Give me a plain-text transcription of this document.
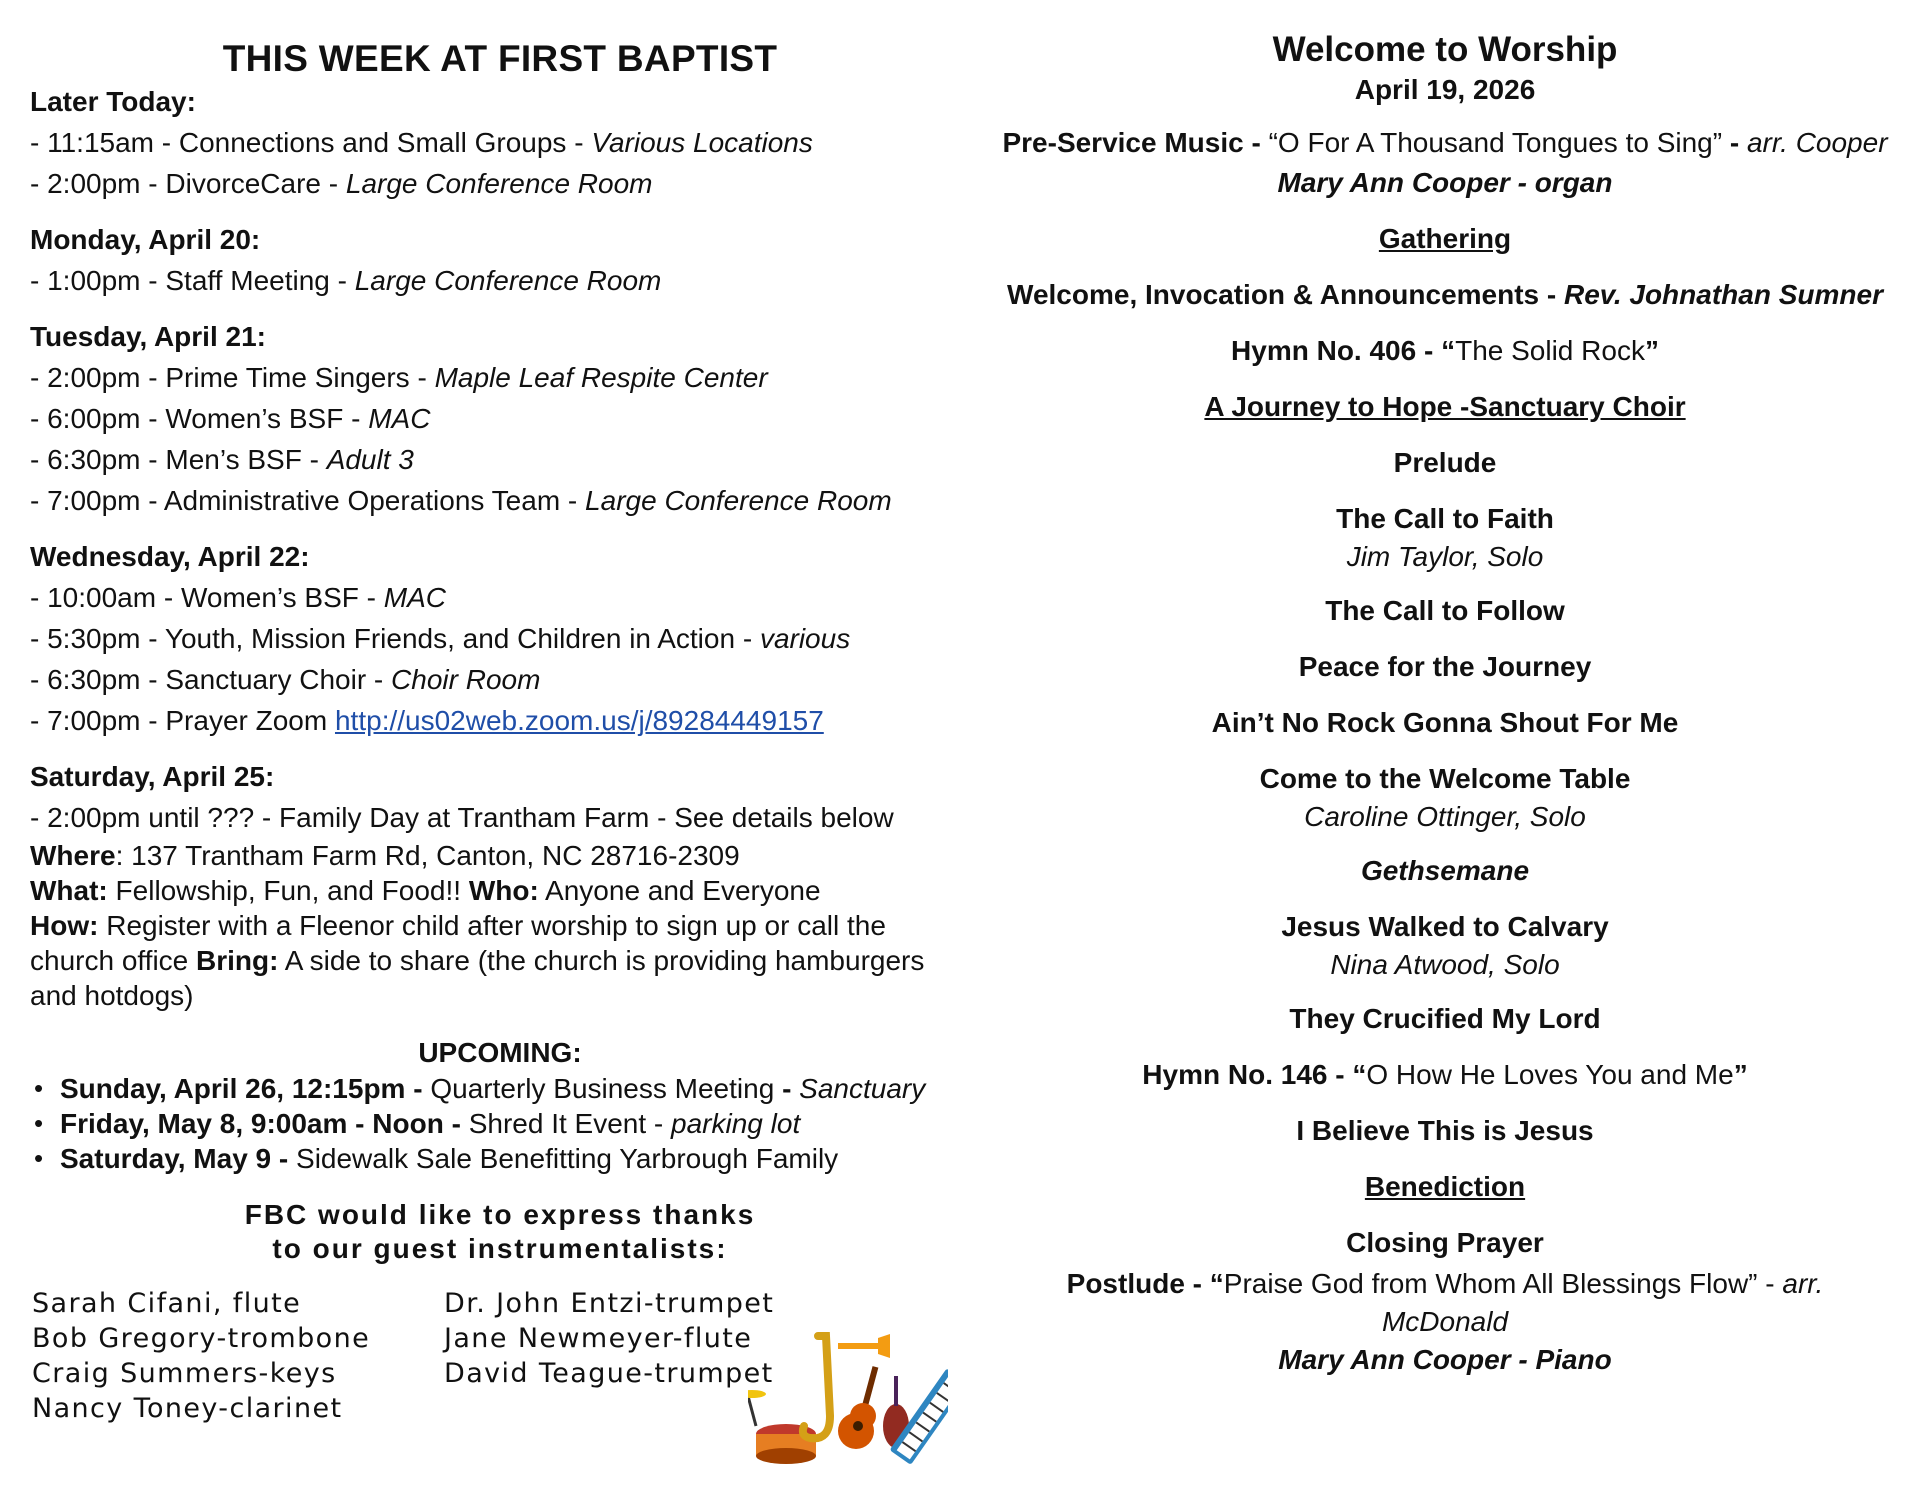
THIS WEEK AT FIRST BAPTIST
Later Today:
- 11:15am - Connections and Small Groups - Various Locations
- 2:00pm - DivorceCare - Large Conference Room
Monday, April 20:
- 1:00pm - Staff Meeting - Large Conference Room
Tuesday, April 21:
- 2:00pm - Prime Time Singers - Maple Leaf Respite Center
- 6:00pm - Women’s BSF - MAC
- 6:30pm - Men’s BSF - Adult 3
- 7:00pm - Administrative Operations Team - Large Conference Room
Wednesday, April 22:
- 10:00am - Women’s BSF - MAC
- 5:30pm - Youth, Mission Friends, and Children in Action - various
- 6:30pm - Sanctuary Choir - Choir Room
- 7:00pm - Prayer Zoom http://us02web.zoom.us/j/89284449157
Saturday, April 25:
- 2:00pm until ??? - Family Day at Trantham Farm - See details below
Where: 137 Trantham Farm Rd, Canton, NC 28716-2309
What: Fellowship, Fun, and Food!! Who: Anyone and Everyone
How: Register with a Fleenor child after worship to sign up or call the church office Bring: A side to share (the church is providing hamburgers and hotdogs)
UPCOMING:
• Sunday, April 26, 12:15pm - Quarterly Business Meeting - Sanctuary
• Friday, May 8, 9:00am - Noon - Shred It Event - parking lot
• Saturday, May 9 - Sidewalk Sale Benefitting Yarbrough Family
FBC would like to express thanks
to our guest instrumentalists:
Sarah Cifani, flute
Bob Gregory-trombone
Craig Summers-keys
Nancy Toney-clarinet
Dr. John Entzi-trumpet
Jane Newmeyer-flute
David Teague-trumpet
Welcome to Worship
April 19, 2026
Pre-Service Music - “O For A Thousand Tongues to Sing” - arr. Cooper
Mary Ann Cooper - organ
Gathering
Welcome, Invocation & Announcements - Rev. Johnathan Sumner
Hymn No. 406 - “The Solid Rock”
A Journey to Hope -Sanctuary Choir
Prelude
The Call to Faith
Jim Taylor, Solo
The Call to Follow
Peace for the Journey
Ain’t No Rock Gonna Shout For Me
Come to the Welcome Table
Caroline Ottinger, Solo
Gethsemane
Jesus Walked to Calvary
Nina Atwood, Solo
They Crucified My Lord
Hymn No. 146 - “O How He Loves You and Me”
I Believe This is Jesus
Benediction
Closing Prayer
Postlude - “Praise God from Whom All Blessings Flow” - arr.
McDonald
Mary Ann Cooper - Piano
